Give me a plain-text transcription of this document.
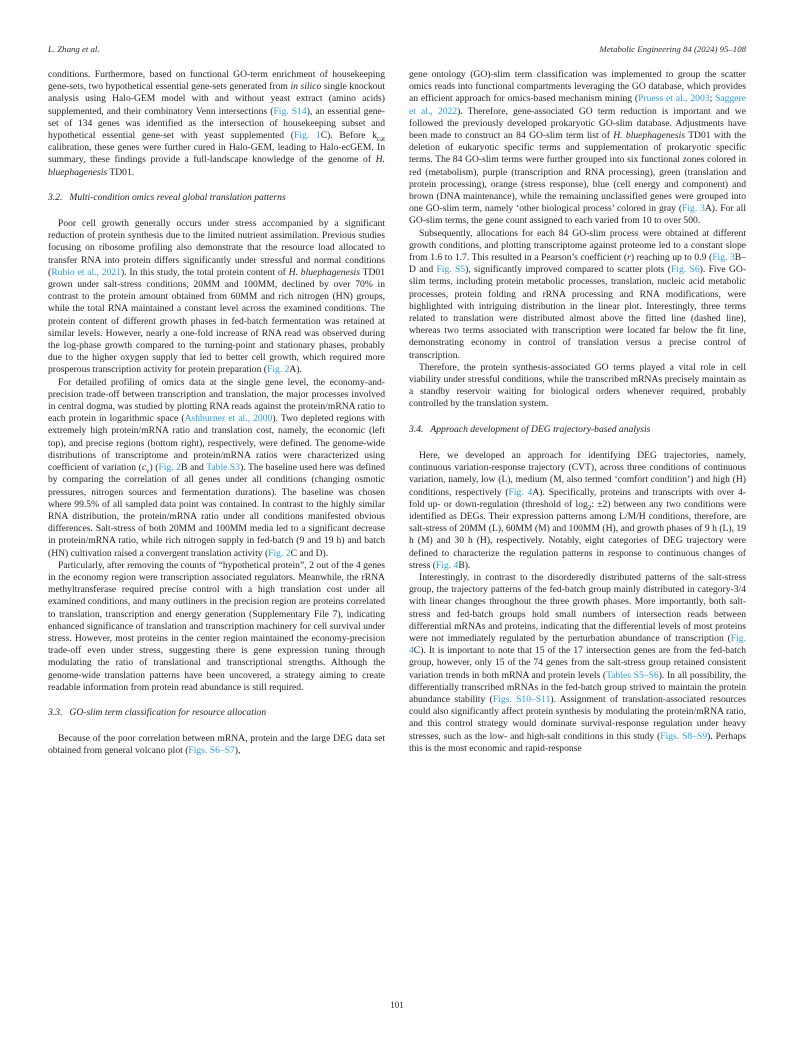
L. Zhang et al.	Metabolic Engineering 84 (2024) 95–108

conditions. Furthermore, based on functional GO-term enrichment of housekeeping gene-sets, two hypothetical essential gene-sets generated from in silico single knockout analysis using Halo-GEM model with and without yeast extract (amino acids) supplemented, and their combinatory Venn intersections (Fig. S14), an essential gene-set of 134 genes was identified as the intersection of housekeeping subset and hypothetical essential gene-set with yeast supplemented (Fig. 1C). Before $k_{cat}$ calibration, these genes were further cured in Halo-GEM, leading to Halo-ecGEM. In summary, these findings provide a full-landscape knowledge of the genome of H. bluephagenesis TD01.

3.2. Multi-condition omics reveal global translation patterns

Poor cell growth generally occurs under stress accompanied by a significant reduction of protein synthesis due to the limited nutrient assimilation. Previous studies focusing on ribosome profiling also demonstrate that the resource load allocated to transfer RNA into protein differs significantly under stressful and normal conditions (Rubio et al., 2021). In this study, the total protein content of H. bluephagenesis TD01 grown under salt-stress conditions, 20MM and 100MM, declined by over 70% in contrast to the protein amount obtained from 60MM and rich nitrogen (HN) groups, while the total RNA maintained a constant level across the examined conditions. The protein content of different growth phases in fed-batch fermentation was retained at similar levels. However, nearly a one-fold increase of RNA read was observed during the log-phase growth compared to the turning-point and stationary phases, probably due to the higher oxygen supply that led to better cell growth, which required more prosperous transcription activity for protein preparation (Fig. 2A).

For detailed profiling of omics data at the single gene level, the economy-and-precision trade-off between transcription and translation, the major processes involved in central dogma, was studied by plotting RNA reads against the protein/mRNA ratio to each protein in logarithmic space (Ashburner et al., 2000). Two depleted regions with extremely high protein/mRNA ratio and translation cost, namely, the economic (left top), and precise regions (bottom right), respectively, were defined. The genome-wide distributions of transcriptome and protein/mRNA ratios were characterized using coefficient of variation $(c_v)$ (Fig. 2B and Table S3). The baseline used here was defined by comparing the correlation of all genes under all conditions (changing osmotic pressures, nitrogen sources and fermentation durations). The baseline was chosen where 99.5% of all sampled data point was contained. In contrast to the highly similar RNA distribution, the protein/mRNA ratio under all conditions manifested obvious differences. Salt-stress of both 20MM and 100MM media led to a significant decrease in protein/mRNA ratio, while rich nitrogen supply in fed-batch (9 and 19 h) and batch (HN) cultivation raised a convergent translation activity (Fig. 2C and D).

Particularly, after removing the counts of “hypothetical protein”, 2 out of the 4 genes in the economy region were transcription associated regulators. Meanwhile, the rRNA methyltransferase required precise control with a high translation cost under all examined conditions, and many outliners in the precision region are proteins correlated to translation, transcription and energy generation (Supplementary File 7), indicating enhanced significance of translation and transcription machinery for cell survival under stress. However, most proteins in the center region maintained the economy-precision trade-off even under stress, suggesting there is gene expression tuning through modulating the ratio of translational and transcriptional strengths. Although the genome-wide translation patterns have been uncovered, a strategy aiming to create readable information from protein read abundance is still required.

3.3. GO-slim term classification for resource allocation

Because of the poor correlation between mRNA, protein and the large DEG data set obtained from general volcano plot (Figs. S6–S7),

gene ontology (GO)-slim term classification was implemented to group the scatter omics reads into functional compartments leveraging the GO database, which provides an efficient approach for omics-based mechanism mining (Pruess et al., 2003; Saggere et al., 2022). Therefore, gene-associated GO term reduction is important and we followed the previously developed prokaryotic GO-slim database. Adjustments have been made to construct an 84 GO-slim term list of H. bluephagenesis TD01 with the deletion of eukaryotic specific terms and supplementation of prokaryotic specific terms. The 84 GO-slim terms were further grouped into six functional zones colored in red (metabolism), purple (transcription and RNA processing), green (translation and protein processing), orange (stress response), blue (cell energy and component) and brown (DNA maintenance), while the remaining unclassified genes were grouped into one GO-slim term, namely ‘other biological process’ colored in gray (Fig. 3A). For all GO-slim terms, the gene count assigned to each varied from 10 to over 500.

Subsequently, allocations for each 84 GO-slim process were obtained at different growth conditions, and plotting transcriptome against proteome led to a constant slope from 1.6 to 1.7. This resulted in a Pearson’s coefficient (r) reaching up to 0.9 (Fig. 3B–D and Fig. S5), significantly improved compared to scatter plots (Fig. S6). Five GO-slim terms, including protein metabolic processes, translation, nucleic acid metabolic processes, protein folding and rRNA processing and RNA modifications, were highlighted with intriguing distribution in the linear plot. Interestingly, three terms related to translation were distributed almost above the fitted line (dashed line), whereas two terms associated with transcription were located far below the fit line, demonstrating economy in control of translation versus a precise control of transcription.

Therefore, the protein synthesis-associated GO terms played a vital role in cell viability under stressful conditions, while the transcribed mRNAs precisely maintain as a standby reservoir waiting for biological orders whenever required, probably controlled by the translation system.

3.4. Approach development of DEG trajectory-based analysis

Here, we developed an approach for identifying DEG trajectories, namely, continuous variation-response trajectory (CVT), across three conditions of continuous variation, namely, low (L), medium (M, also termed ‘comfort condition’) and high (H) conditions, respectively (Fig. 4A). Specifically, proteins and transcripts with over 4-fold up- or down-regulation (threshold of $\log_2$: ±2) between any two conditions were identified as DEGs. Their expression patterns among L/M/H conditions, therefore, are salt-stress of 20MM (L), 60MM (M) and 100MM (H), and growth phases of 9 h (L), 19 h (M) and 30 h (H), respectively. Notably, eight categories of DEG trajectory were defined to characterize the regulation patterns in response to continuous changes of stress (Fig. 4B).

Interestingly, in contrast to the disorderedly distributed patterns of the salt-stress group, the trajectory patterns of the fed-batch group mainly distributed in category-3/4 with linear changes throughout the three growth phases. More importantly, both salt-stress and fed-batch groups hold small numbers of intersection reads between differential mRNAs and proteins, indicating that the differential levels of most proteins were not immediately regulated by the perturbation abundance of transcription (Fig. 4C). It is important to note that 15 of the 17 intersection genes are from the fed-batch group, however, only 15 of the 74 genes from the salt-stress group retained consistent variation trends in both mRNA and protein levels (Tables S5–S6). In all possibility, the differentially transcribed mRNAs in the fed-batch group strived to maintain the protein abundance stability (Figs. S10–S11). Assignment of translation-associated resources could also significantly affect protein synthesis by modulating the protein/mRNA ratio, and this control strategy would dominate survival-response regulation under heavy stresses, such as the low- and high-salt conditions in this study (Figs. S8–S9). Perhaps this is the most economic and rapid-response

101
